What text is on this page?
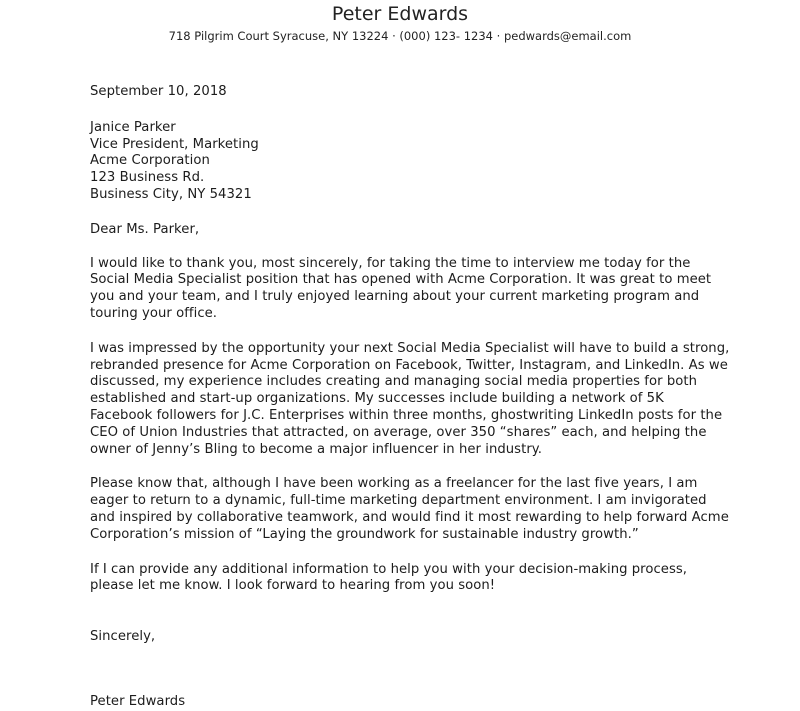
Peter Edwards
718 Pilgrim Court Syracuse, NY 13224 · (000) 123- 1234 · pedwards@email.com
September 10, 2018
Janice Parker
Vice President, Marketing
Acme Corporation
123 Business Rd.
Business City, NY 54321
Dear Ms. Parker,

I would like to thank you, most sincerely, for taking the time to interview me today for the Social Media Specialist position that has opened with Acme Corporation. It was great to meet you and your team, and I truly enjoyed learning about your current marketing program and touring your office.

I was impressed by the opportunity your next Social Media Specialist will have to build a strong, rebranded presence for Acme Corporation on Facebook, Twitter, Instagram, and LinkedIn. As we discussed, my experience includes creating and managing social media properties for both established and start-up organizations. My successes include building a network of 5K Facebook followers for J.C. Enterprises within three months, ghostwriting LinkedIn posts for the CEO of Union Industries that attracted, on average, over 350 “shares” each, and helping the owner of Jenny’s Bling to become a major influencer in her industry.

Please know that, although I have been working as a freelancer for the last five years, I am eager to return to a dynamic, full-time marketing department environment. I am invigorated and inspired by collaborative teamwork, and would find it most rewarding to help forward Acme Corporation’s mission of “Laying the groundwork for sustainable industry growth.”

If I can provide any additional information to help you with your decision-making process, please let me know. I look forward to hearing from you soon!

Sincerely,
Peter Edwards
